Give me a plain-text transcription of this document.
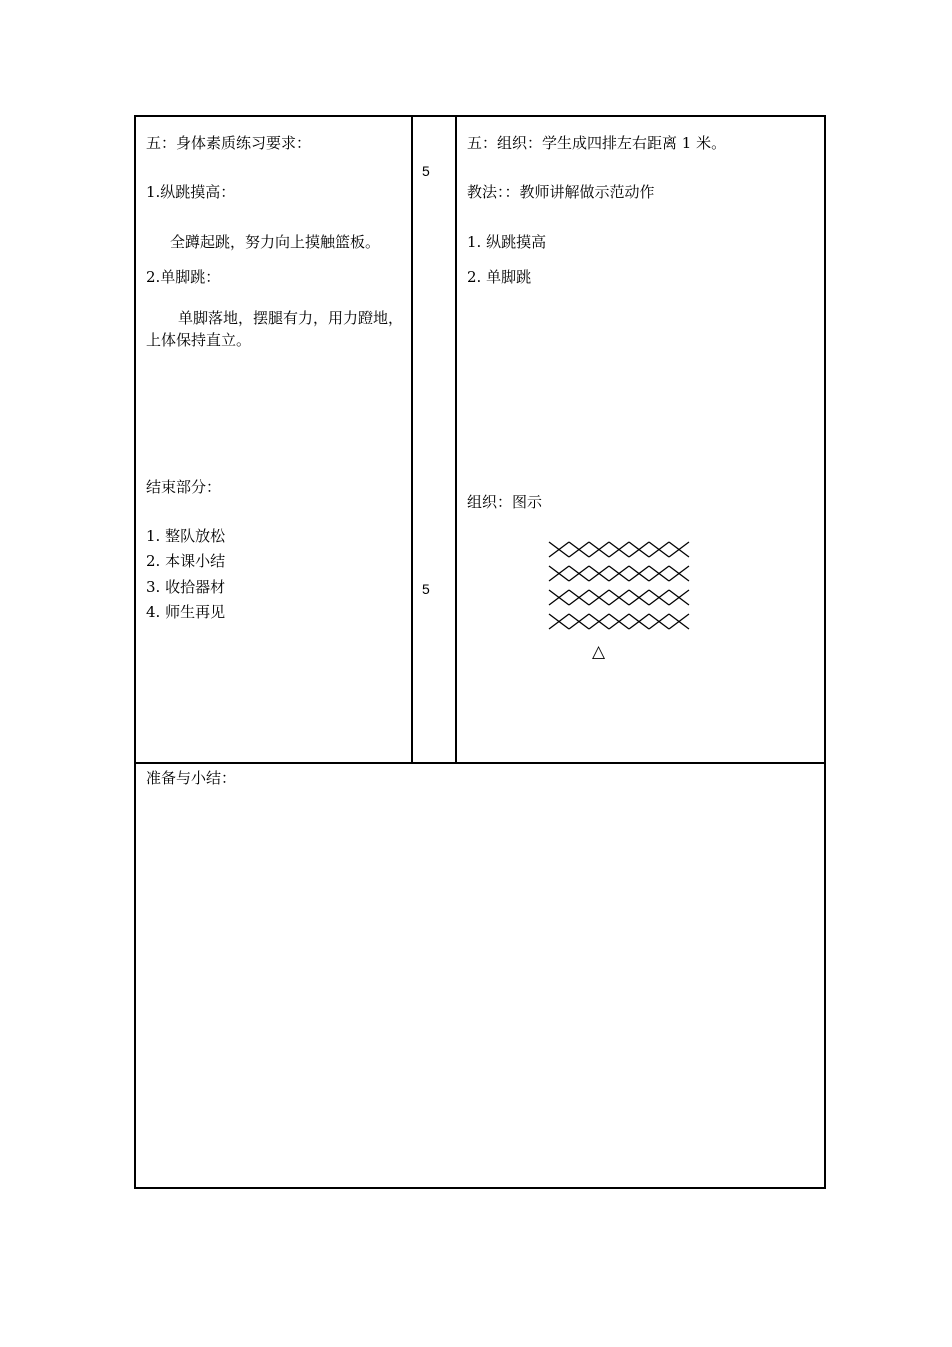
五：身体素质练习要求：
1.纵跳摸高：
全蹲起跳，努力向上摸触篮板。
2.单脚跳：
单脚落地，摆腿有力，用力蹬地，
上体保持直立。
结束部分：
1. 整队放松
2. 本课小结
3. 收拾器材
4. 师生再见
5
5
五：组织：学生成四排左右距离 1 米。
教法：：教师讲解做示范动作
1. 纵跳摸高
2. 单脚跳
组织：图示
△
准备与小结：
